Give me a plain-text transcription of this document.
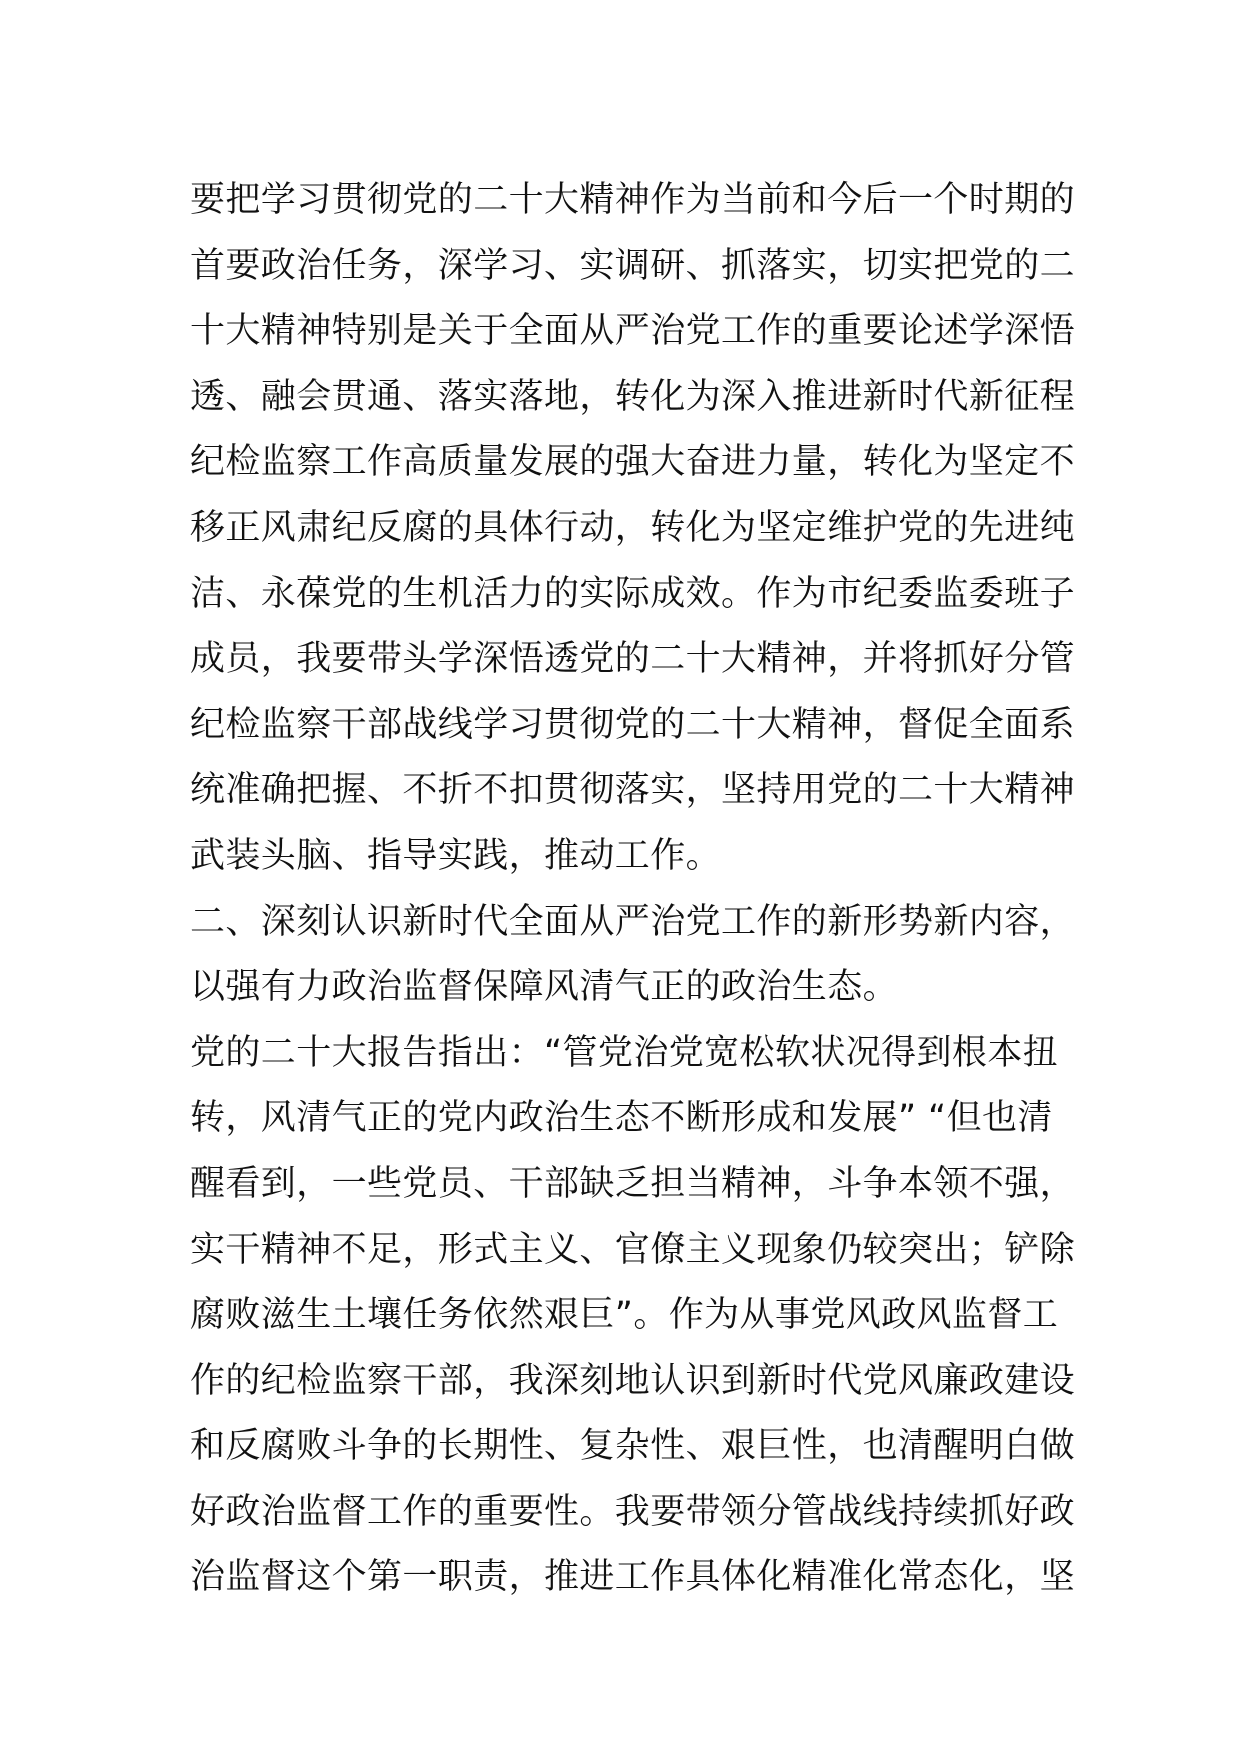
要把学习贯彻党的二十大精神作为当前和今后一个时期的
首要政治任务，深学习、实调研、抓落实，切实把党的二
十大精神特别是关于全面从严治党工作的重要论述学深悟
透、融会贯通、落实落地，转化为深入推进新时代新征程
纪检监察工作高质量发展的强大奋进力量，转化为坚定不
移正风肃纪反腐的具体行动，转化为坚定维护党的先进纯
洁、永葆党的生机活力的实际成效。作为市纪委监委班子
成员，我要带头学深悟透党的二十大精神，并将抓好分管
纪检监察干部战线学习贯彻党的二十大精神，督促全面系
统准确把握、不折不扣贯彻落实，坚持用党的二十大精神
武装头脑、指导实践，推动工作。
二、深刻认识新时代全面从严治党工作的新形势新内容，
以强有力政治监督保障风清气正的政治生态。
党的二十大报告指出：“管党治党宽松软状况得到根本扭
转，风清气正的党内政治生态不断形成和发展” “但也清
醒看到，一些党员、干部缺乏担当精神，斗争本领不强，
实干精神不足，形式主义、官僚主义现象仍较突出；铲除
腐败滋生土壤任务依然艰巨”。作为从事党风政风监督工
作的纪检监察干部，我深刻地认识到新时代党风廉政建设
和反腐败斗争的长期性、复杂性、艰巨性，也清醒明白做
好政治监督工作的重要性。我要带领分管战线持续抓好政
治监督这个第一职责，推进工作具体化精准化常态化，坚
